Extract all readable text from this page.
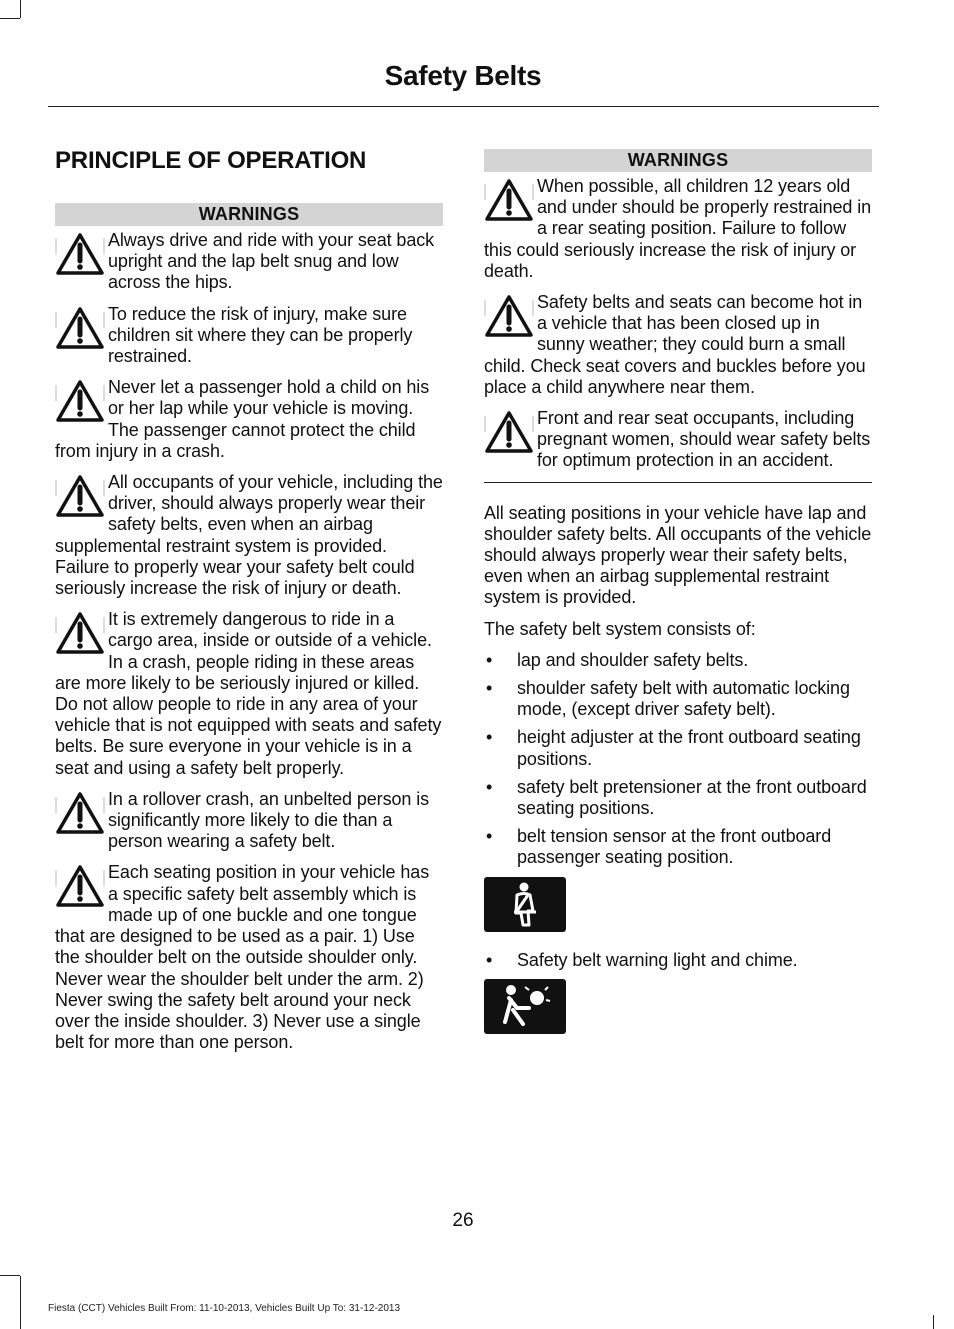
Safety Belts
PRINCIPLE OF OPERATION
WARNINGS
Always drive and ride with your seat back upright and the lap belt snug and low across the hips.
To reduce the risk of injury, make sure children sit where they can be properly restrained.
Never let a passenger hold a child on his or her lap while your vehicle is moving. The passenger cannot protect the child from injury in a crash.
All occupants of your vehicle, including the driver, should always properly wear their safety belts, even when an airbag supplemental restraint system is provided. Failure to properly wear your safety belt could seriously increase the risk of injury or death.
It is extremely dangerous to ride in a cargo area, inside or outside of a vehicle. In a crash, people riding in these areas are more likely to be seriously injured or killed. Do not allow people to ride in any area of your vehicle that is not equipped with seats and safety belts. Be sure everyone in your vehicle is in a seat and using a safety belt properly.
In a rollover crash, an unbelted person is significantly more likely to die than a person wearing a safety belt.
Each seating position in your vehicle has a specific safety belt assembly which is made up of one buckle and one tongue that are designed to be used as a pair. 1) Use the shoulder belt on the outside shoulder only. Never wear the shoulder belt under the arm. 2) Never swing the safety belt around your neck over the inside shoulder. 3) Never use a single belt for more than one person.
WARNINGS
When possible, all children 12 years old and under should be properly restrained in a rear seating position. Failure to follow this could seriously increase the risk of injury or death.
Safety belts and seats can become hot in a vehicle that has been closed up in sunny weather; they could burn a small child. Check seat covers and buckles before you place a child anywhere near them.
Front and rear seat occupants, including pregnant women, should wear safety belts for optimum protection in an accident.

All seating positions in your vehicle have lap and shoulder safety belts. All occupants of the vehicle should always properly wear their safety belts, even when an airbag supplemental restraint system is provided.

The safety belt system consists of:

• lap and shoulder safety belts.
• shoulder safety belt with automatic locking mode, (except driver safety belt).
• height adjuster at the front outboard seating positions.
• safety belt pretensioner at the front outboard seating positions.
• belt tension sensor at the front outboard passenger seating position.
• Safety belt warning light and chime.
26
Fiesta (CCT) Vehicles Built From: 11-10-2013, Vehicles Built Up To: 31-12-2013
